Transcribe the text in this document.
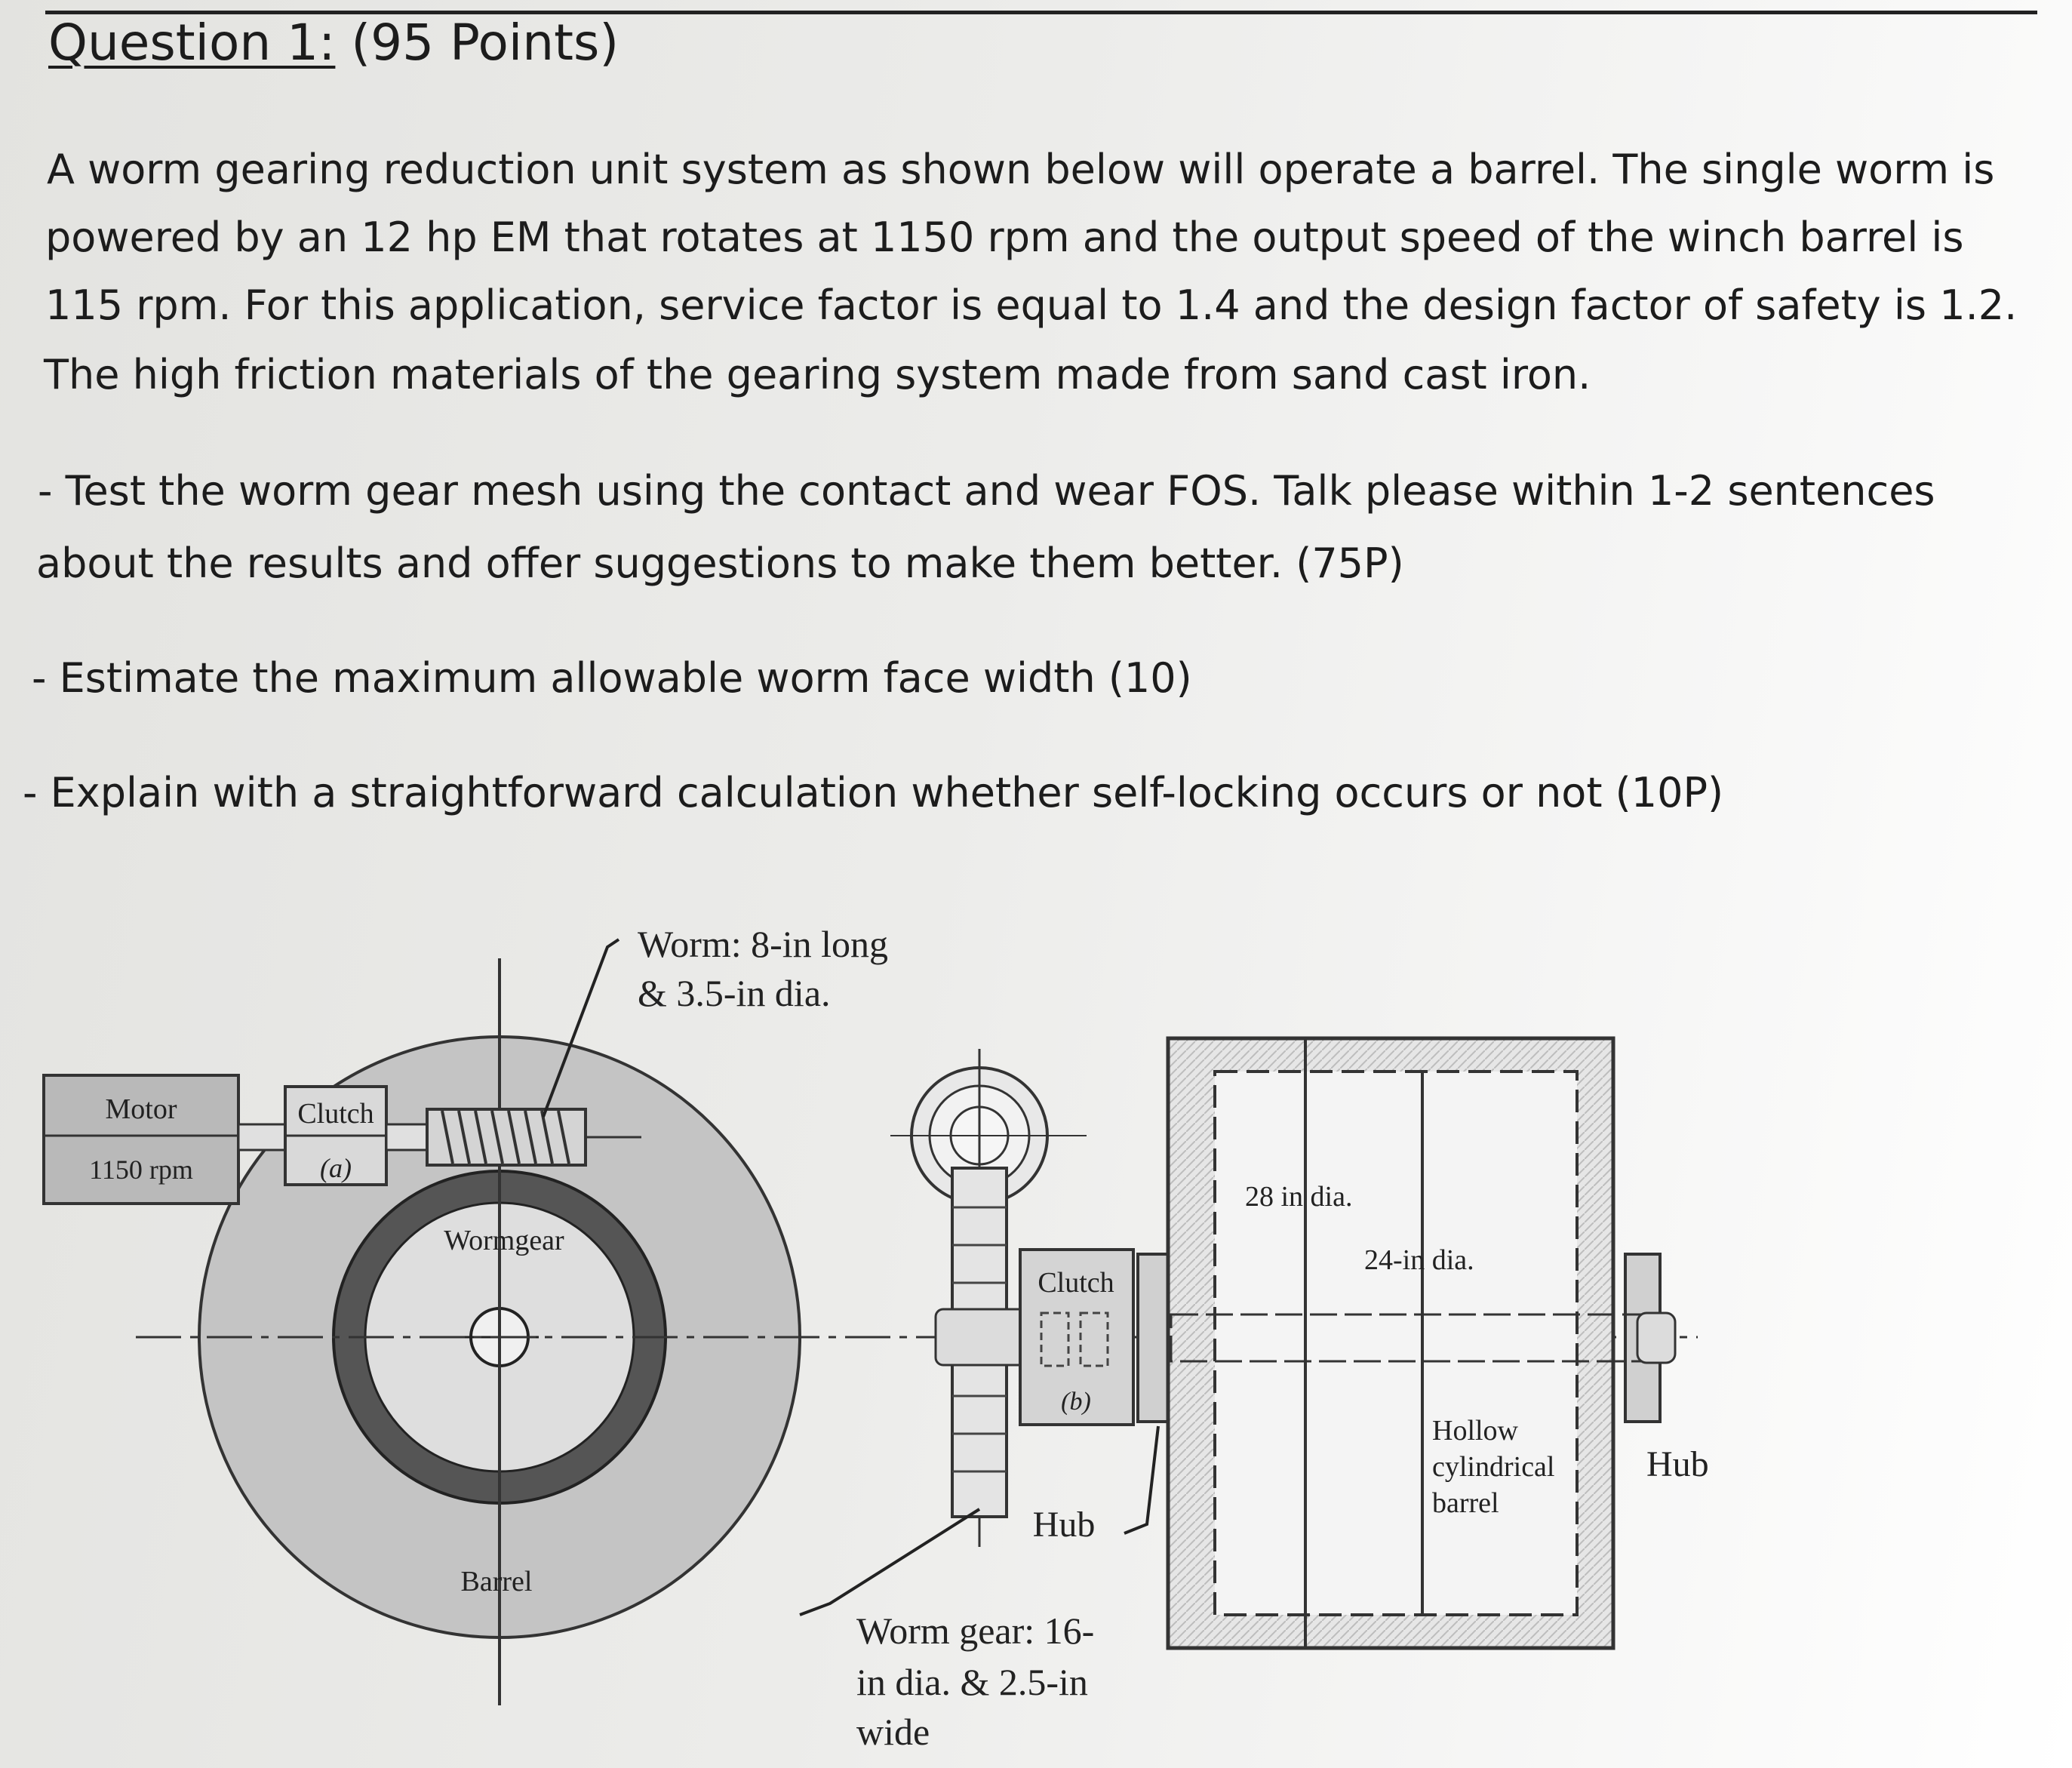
Question 1: (95 Points)
A worm gearing reduction unit system as shown below will operate a barrel. The single worm is
powered by an 12 hp EM that rotates at 1150 rpm and the output speed of the winch barrel is
115 rpm. For this application, service factor is equal to 1.4 and the design factor of safety is 1.2.
The high friction materials of the gearing system made from sand cast iron.
- Test the worm gear mesh using the contact and wear FOS. Talk please within 1-2 sentences
about the results and offer suggestions to make them better. (75P)
- Estimate the maximum allowable worm face width (10)
- Explain with a straightforward calculation whether self-locking occurs or not (10P)
Motor
1150 rpm
Clutch
(a)
Worm: 8-in long
& 3.5-in dia.
Wormgear
Barrel
Clutch
(b)
Hub
Worm gear: 16-
in dia. & 2.5-in
wide
28 in dia.
24-in dia.
Hollow
cylindrical
barrel
Hub
